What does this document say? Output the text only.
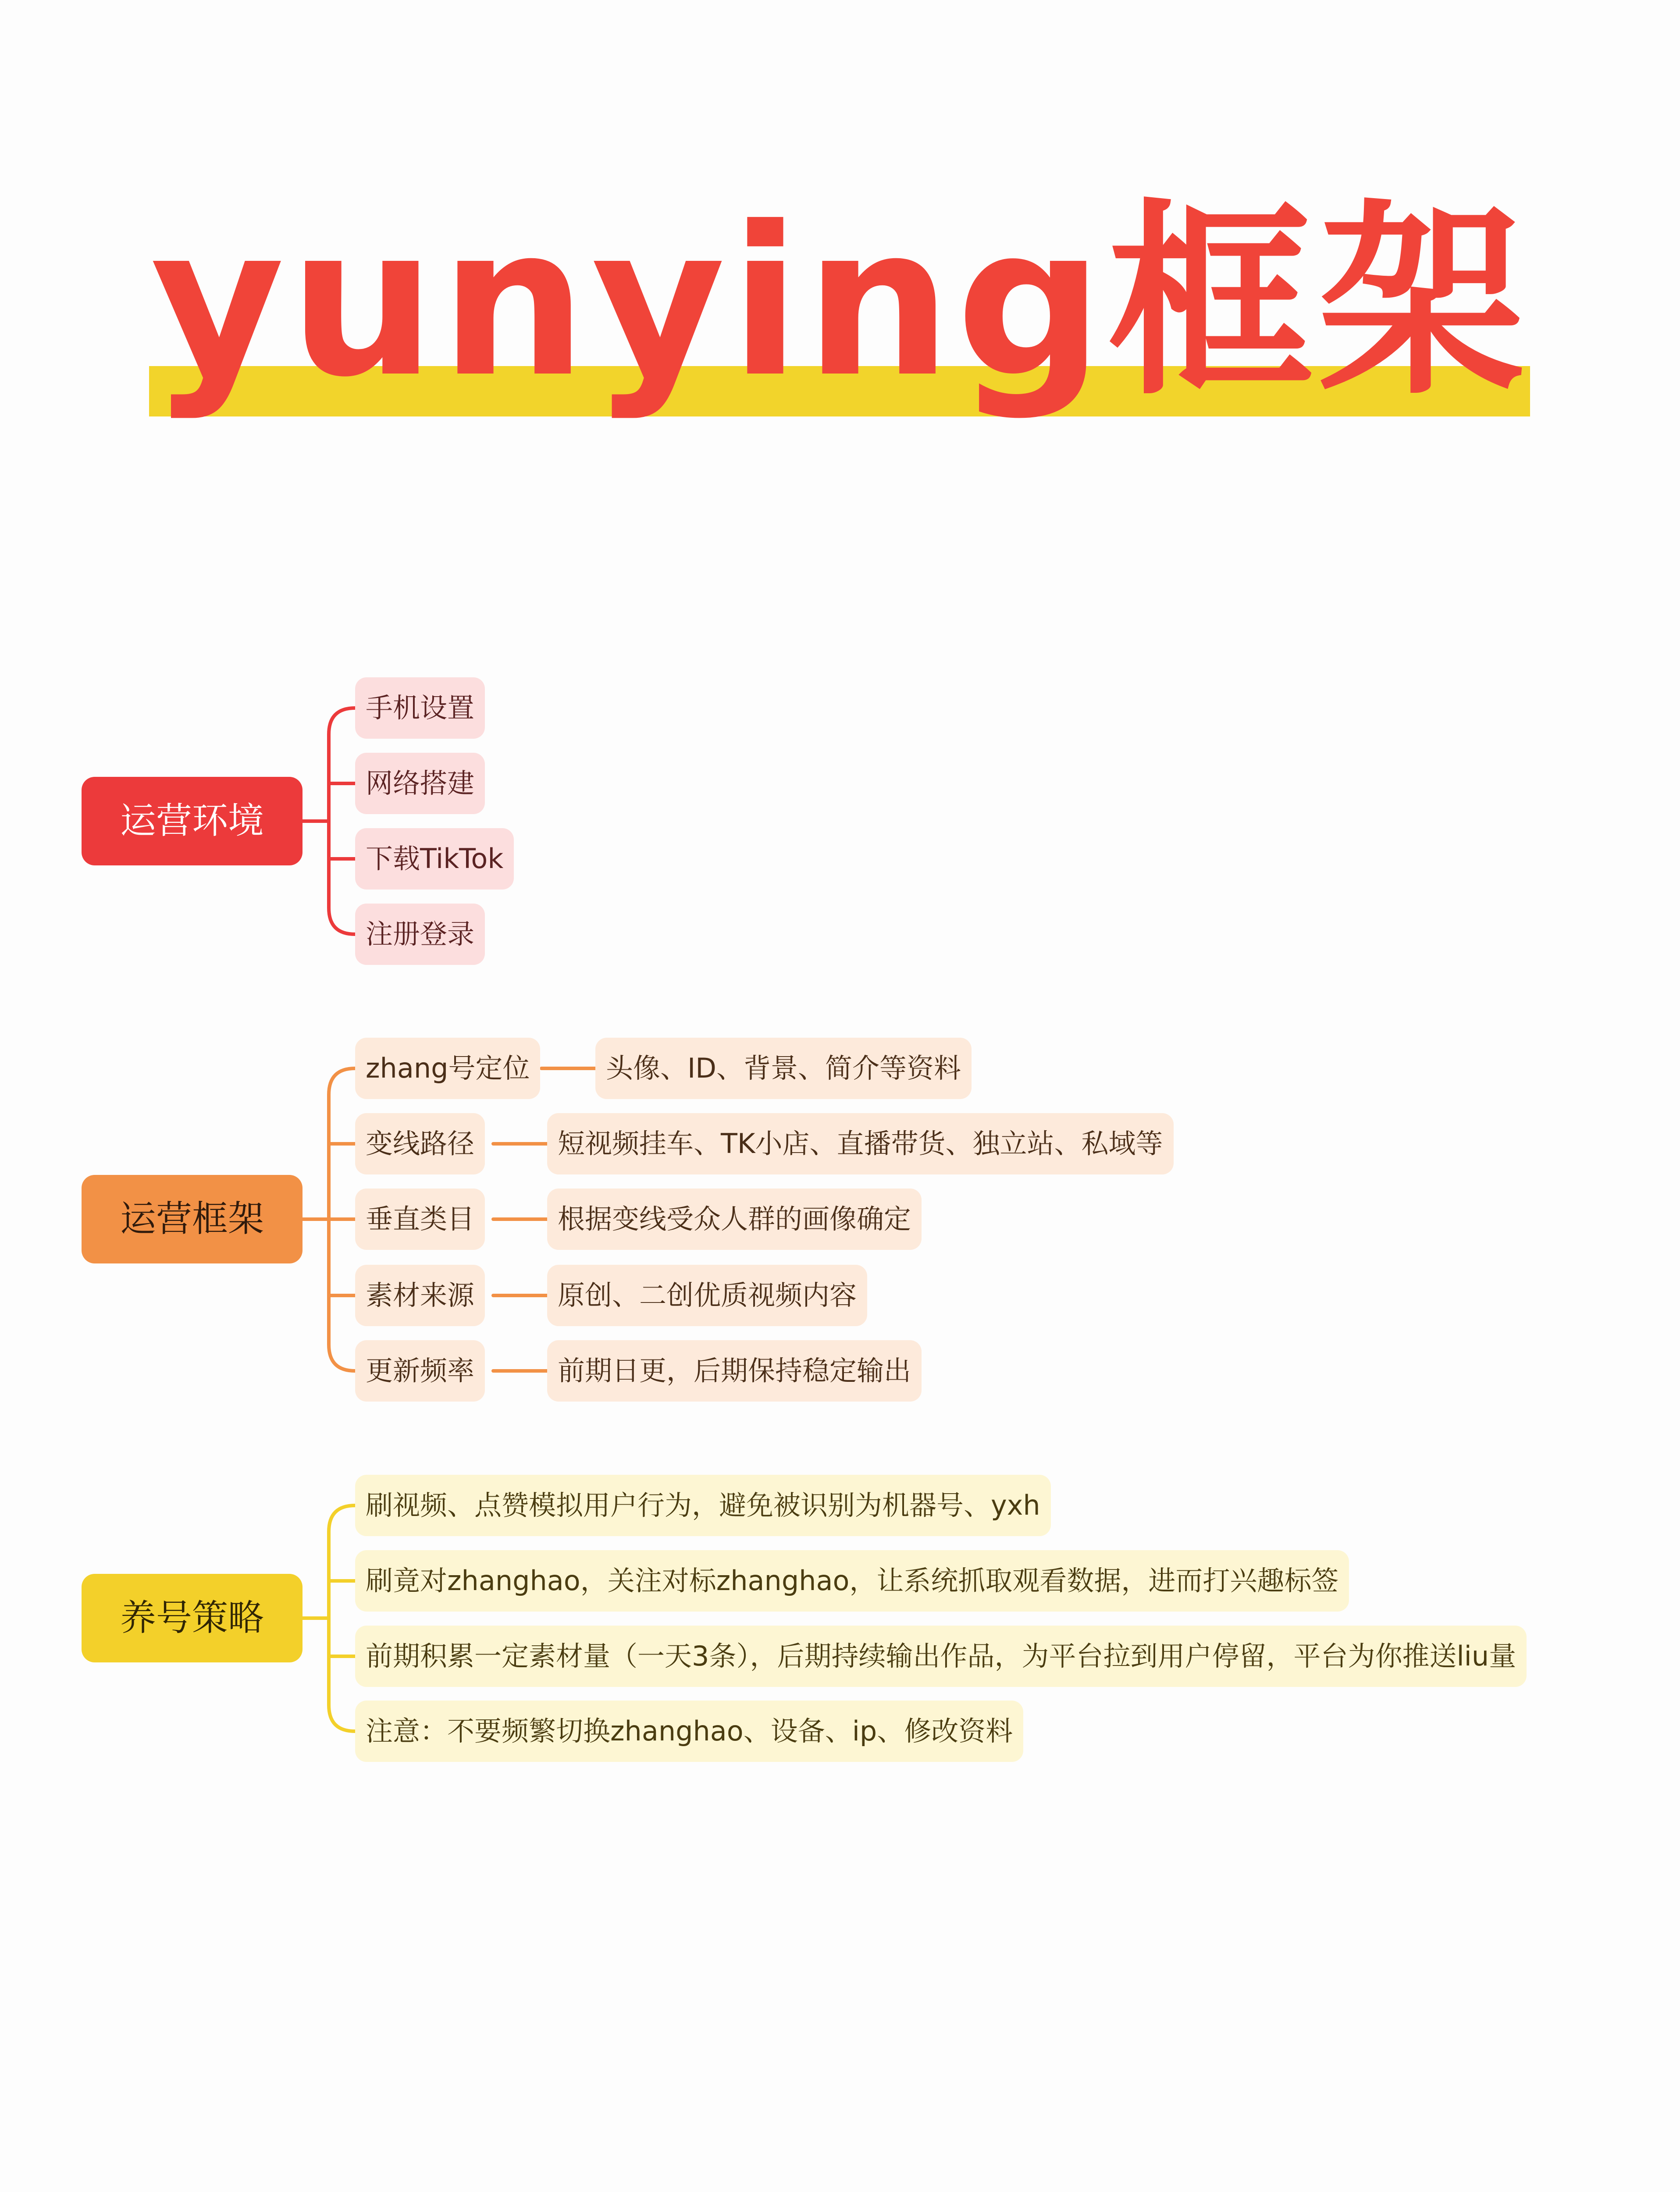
yunying框架
运营环境
手机设置
网络搭建
下载TikTok
注册登录
运营框架
zhang号定位	头像、ID、背景、简介等资料
变线路径	短视频挂车、TK小店、直播带货、独立站、私域等
垂直类目	根据变线受众人群的画像确定
素材来源	原创、二创优质视频内容
更新频率	前期日更，后期保持稳定输出
养号策略
刷视频、点赞模拟用户行为，避免被识别为机器号、yxh
刷竟对zhanghao，关注对标zhanghao，让系统抓取观看数据，进而打兴趣标签
前期积累一定素材量（一天3条），后期持续输出作品，为平台拉到用户停留，平台为你推送liu量
注意：不要频繁切换zhanghao、设备、ip、修改资料
